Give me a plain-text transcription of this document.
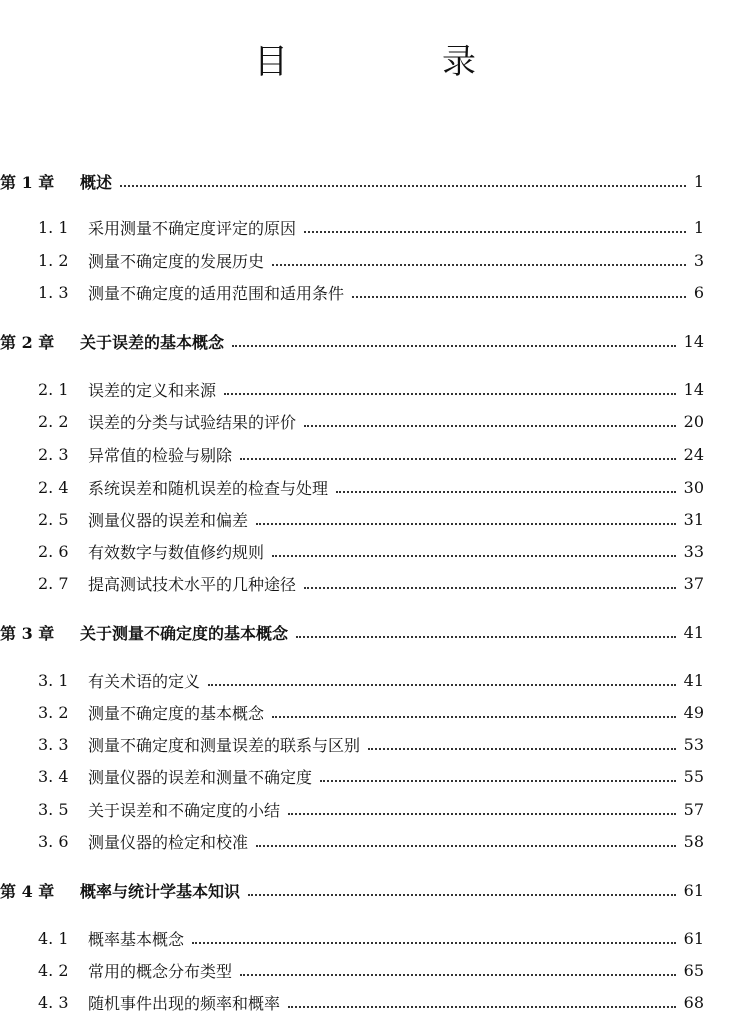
目　录
第 1 章	概述	1
1. 1	采用测量不确定度评定的原因	1
1. 2	测量不确定度的发展历史	3
1. 3	测量不确定度的适用范围和适用条件	6
第 2 章	关于误差的基本概念	14
2. 1	误差的定义和来源	14
2. 2	误差的分类与试验结果的评价	20
2. 3	异常值的检验与剔除	24
2. 4	系统误差和随机误差的检查与处理	30
2. 5	测量仪器的误差和偏差	31
2. 6	有效数字与数值修约规则	33
2. 7	提高测试技术水平的几种途径	37
第 3 章	关于测量不确定度的基本概念	41
3. 1	有关术语的定义	41
3. 2	测量不确定度的基本概念	49
3. 3	测量不确定度和测量误差的联系与区别	53
3. 4	测量仪器的误差和测量不确定度	55
3. 5	关于误差和不确定度的小结	57
3. 6	测量仪器的检定和校准	58
第 4 章	概率与统计学基本知识	61
4. 1	概率基本概念	61
4. 2	常用的概念分布类型	65
4. 3	随机事件出现的频率和概率	68
